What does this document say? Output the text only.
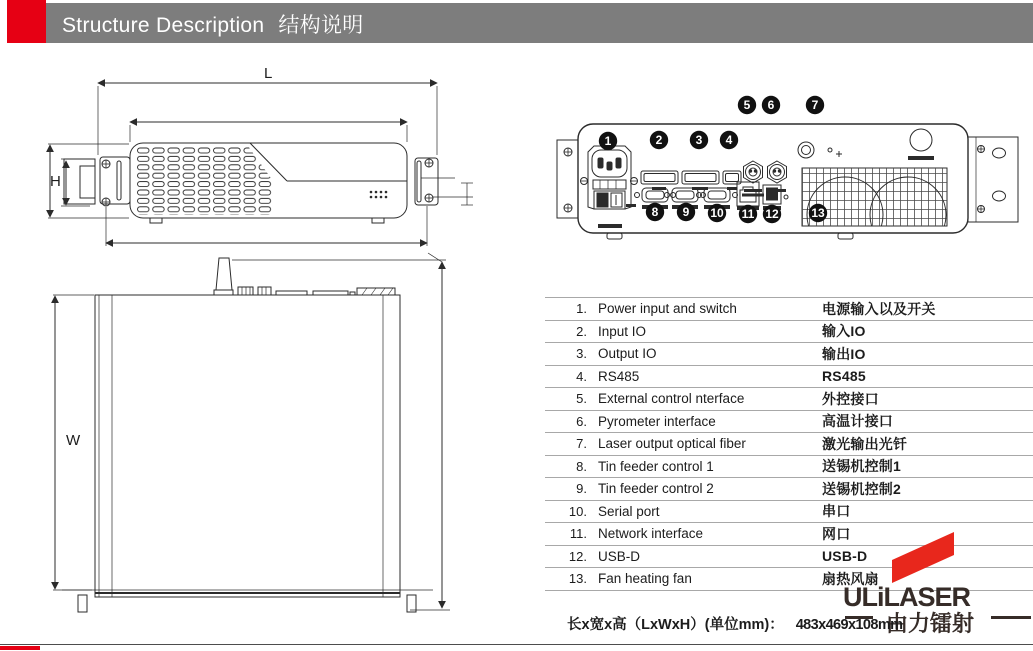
Structure Description 结构说明
L
H
W
1	2	3 4
5 6	7
8 9 10 11 12	13
1. Power input and switch	电源输入以及开关
2. Input IO	输入IO
3. Output IO	输出IO
4. RS485	RS485
5. External control nterface	外控接口
6. Pyrometer interface	高温计接口
7. Laser output optical fiber	激光输出光钎
8. Tin feeder control 1	送锡机控制1
9. Tin feeder control 2	送锡机控制2
10. Serial port	串口
11. Network interface	网口
12. USB-D	USB-D
13. Fan heating fan	扇热风扇
ULiLASER
由力镭射
长x宽x高（LxWxH）(单位mm)： 483x469x108mm
